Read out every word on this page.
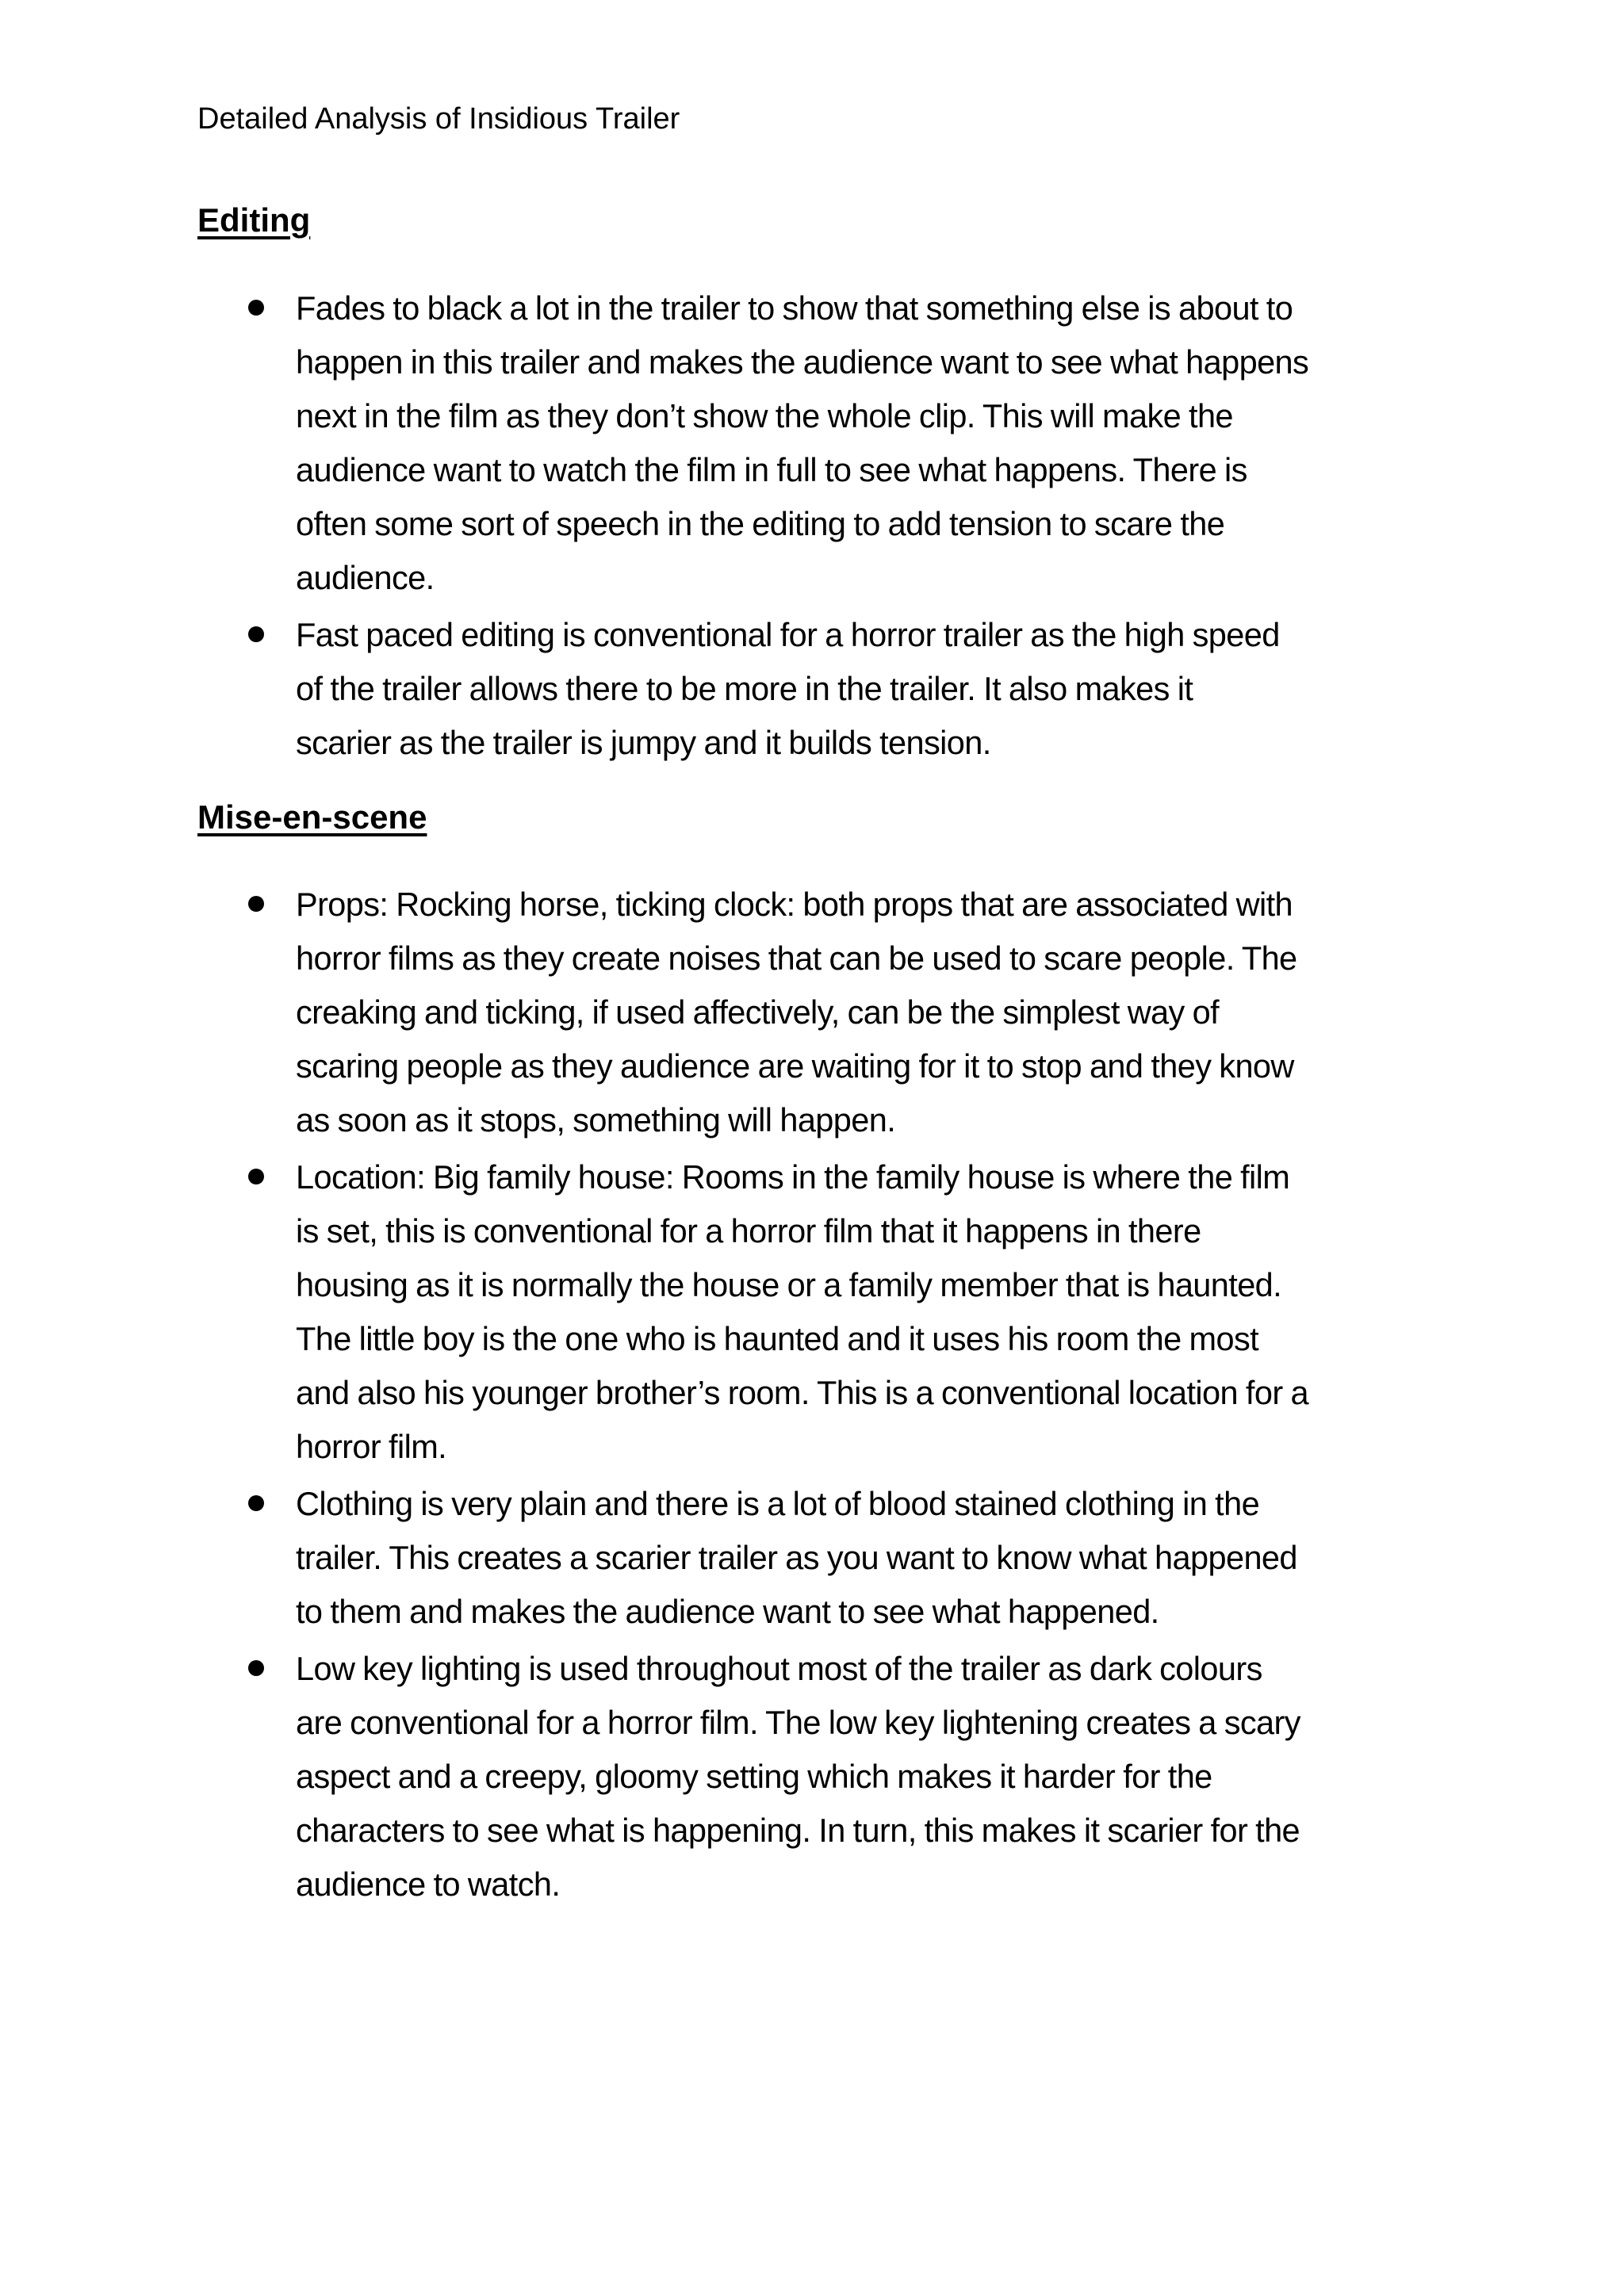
Detailed Analysis of Insidious Trailer
Editing
Fades to black a lot in the trailer to show that something else is about to
happen in this trailer and makes the audience want to see what happens
next in the film as they don’t show the whole clip. This will make the
audience want to watch the film in full to see what happens. There is
often some sort of speech in the editing to add tension to scare the
audience.
Fast paced editing is conventional for a horror trailer as the high speed
of the trailer allows there to be more in the trailer. It also makes it
scarier as the trailer is jumpy and it builds tension.
Mise-en-scene
Props: Rocking horse, ticking clock: both props that are associated with
horror films as they create noises that can be used to scare people. The
creaking and ticking, if used affectively, can be the simplest way of
scaring people as they audience are waiting for it to stop and they know
as soon as it stops, something will happen.
Location: Big family house: Rooms in the family house is where the film
is set, this is conventional for a horror film that it happens in there
housing as it is normally the house or a family member that is haunted.
The little boy is the one who is haunted and it uses his room the most
and also his younger brother’s room. This is a conventional location for a
horror film.
Clothing is very plain and there is a lot of blood stained clothing in the
trailer. This creates a scarier trailer as you want to know what happened
to them and makes the audience want to see what happened.
Low key lighting is used throughout most of the trailer as dark colours
are conventional for a horror film. The low key lightening creates a scary
aspect and a creepy, gloomy setting which makes it harder for the
characters to see what is happening. In turn, this makes it scarier for the
audience to watch.
